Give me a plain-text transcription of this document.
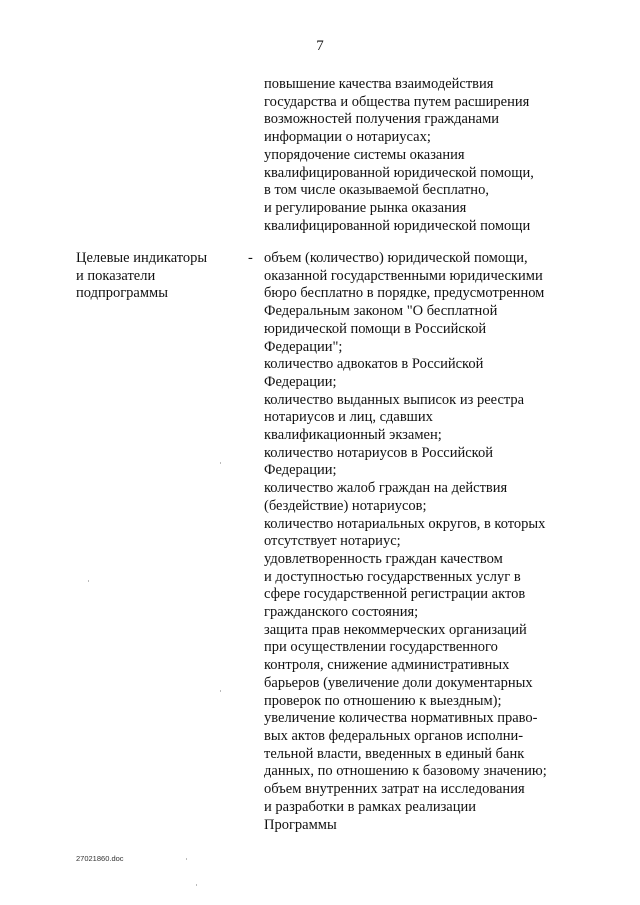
7
повышение качества взаимодействия
государства и общества путем расширения
возможностей получения гражданами
информации о нотариусах;
упорядочение системы оказания
квалифицированной юридической помощи,
в том числе оказываемой бесплатно,
и регулирование рынка оказания
квалифицированной юридической помощи
Целевые индикаторы
и показатели
подпрограммы
- объем (количество) юридической помощи,
оказанной государственными юридическими
бюро бесплатно в порядке, предусмотренном
Федеральным законом "О бесплатной
юридической помощи в Российской
Федерации";
количество адвокатов в Российской
Федерации;
количество выданных выписок из реестра
нотариусов и лиц, сдавших
квалификационный экзамен;
количество нотариусов в Российской
Федерации;
количество жалоб граждан на действия
(бездействие) нотариусов;
количество нотариальных округов, в которых
отсутствует нотариус;
удовлетворенность граждан качеством
и доступностью государственных услуг в
сфере государственной регистрации актов
гражданского состояния;
защита прав некоммерческих организаций
при осуществлении государственного
контроля, снижение административных
барьеров (увеличение доли документарных
проверок по отношению к выездным);
увеличение количества нормативных право-
вых актов федеральных органов исполни-
тельной власти, введенных в единый банк
данных, по отношению к базовому значению;
объем внутренних затрат на исследования
и разработки в рамках реализации
Программы
27021860.doc
